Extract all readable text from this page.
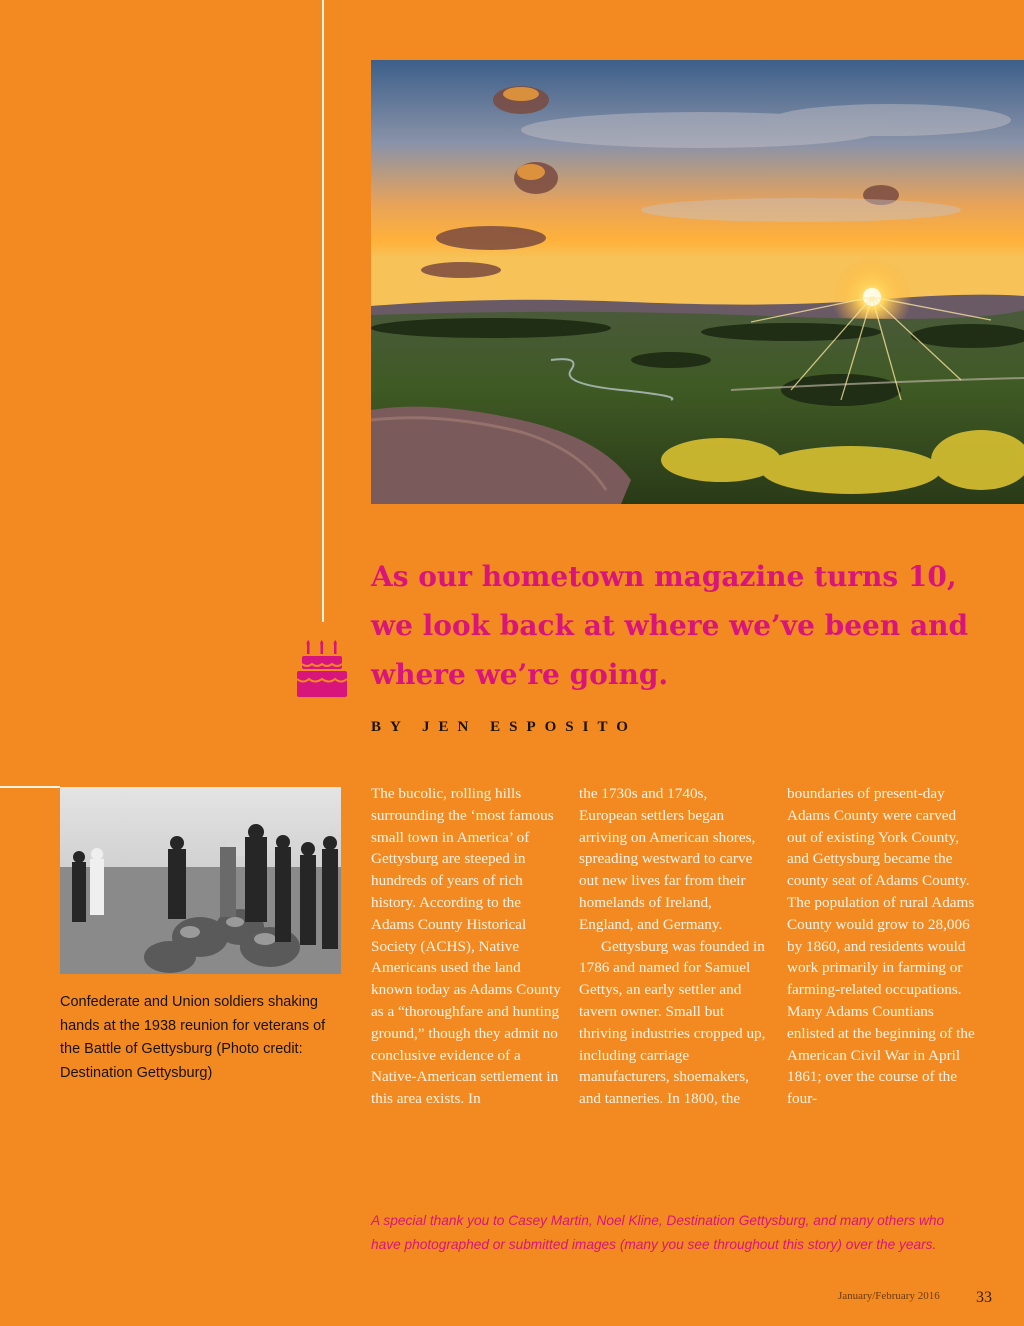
As our hometown magazine turns 10,
we look back at where we’ve been and
where we’re going.
BY JEN ESPOSITO
Confederate and Union soldiers shaking hands at the 1938 reunion for veterans of the Battle of Gettysburg (Photo credit: Destination Gettysburg)

The bucolic, rolling hills surrounding the ‘most famous small town in America’ of Gettysburg are steeped in hundreds of years of rich history. According to the Adams County Historical Society (ACHS), Native Americans used the land known today as Adams County as a “thoroughfare and hunting ground,” though they admit no conclusive evidence of a Native-American settlement in this area exists. In

the 1730s and 1740s, European settlers began arriving on American shores, spreading westward to carve out new lives far from their homelands of Ireland, England, and Germany.

Gettysburg was founded in 1786 and named for Samuel Gettys, an early settler and tavern owner. Small but thriving industries cropped up, including carriage manufacturers, shoemakers, and tanneries. In 1800, the

boundaries of present-day Adams County were carved out of existing York County, and Gettysburg became the county seat of Adams County. The population of rural Adams County would grow to 28,006 by 1860, and residents would work primarily in farming or farming-related occupations. Many Adams Countians enlisted at the beginning of the American Civil War in April 1861; over the course of the four-

A special thank you to Casey Martin, Noel Kline, Destination Gettysburg, and many others who have photographed or submitted images (many you see throughout this story) over the years.
January/February 2016 33
